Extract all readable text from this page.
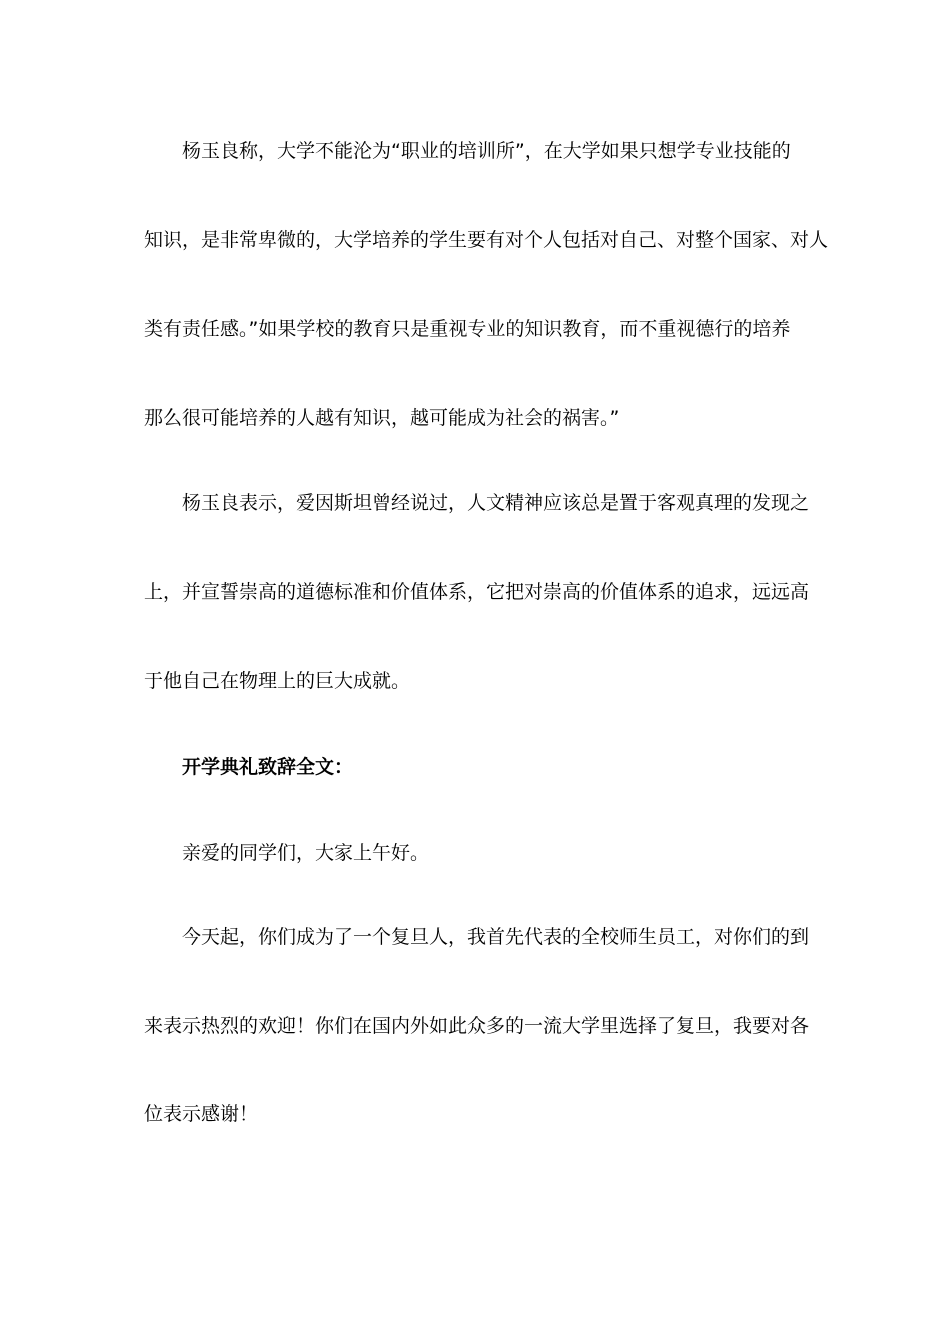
杨玉良称，大学不能沦为“职业的培训所”，在大学如果只想学专业技能的
知识，是非常卑微的，大学培养的学生要有对个人包括对自己、对整个国家、对人
类有责任感。”如果学校的教育只是重视专业的知识教育，而不重视德行的培养
那么很可能培养的人越有知识，越可能成为社会的祸害。”
杨玉良表示，爱因斯坦曾经说过，人文精神应该总是置于客观真理的发现之
上，并宣誓崇高的道德标准和价值体系，它把对崇高的价值体系的追求，远远高
于他自己在物理上的巨大成就。
开学典礼致辞全文：
亲爱的同学们，大家上午好。
今天起，你们成为了一个复旦人，我首先代表的全校师生员工，对你们的到
来表示热烈的欢迎！你们在国内外如此众多的一流大学里选择了复旦，我要对各
位表示感谢！
